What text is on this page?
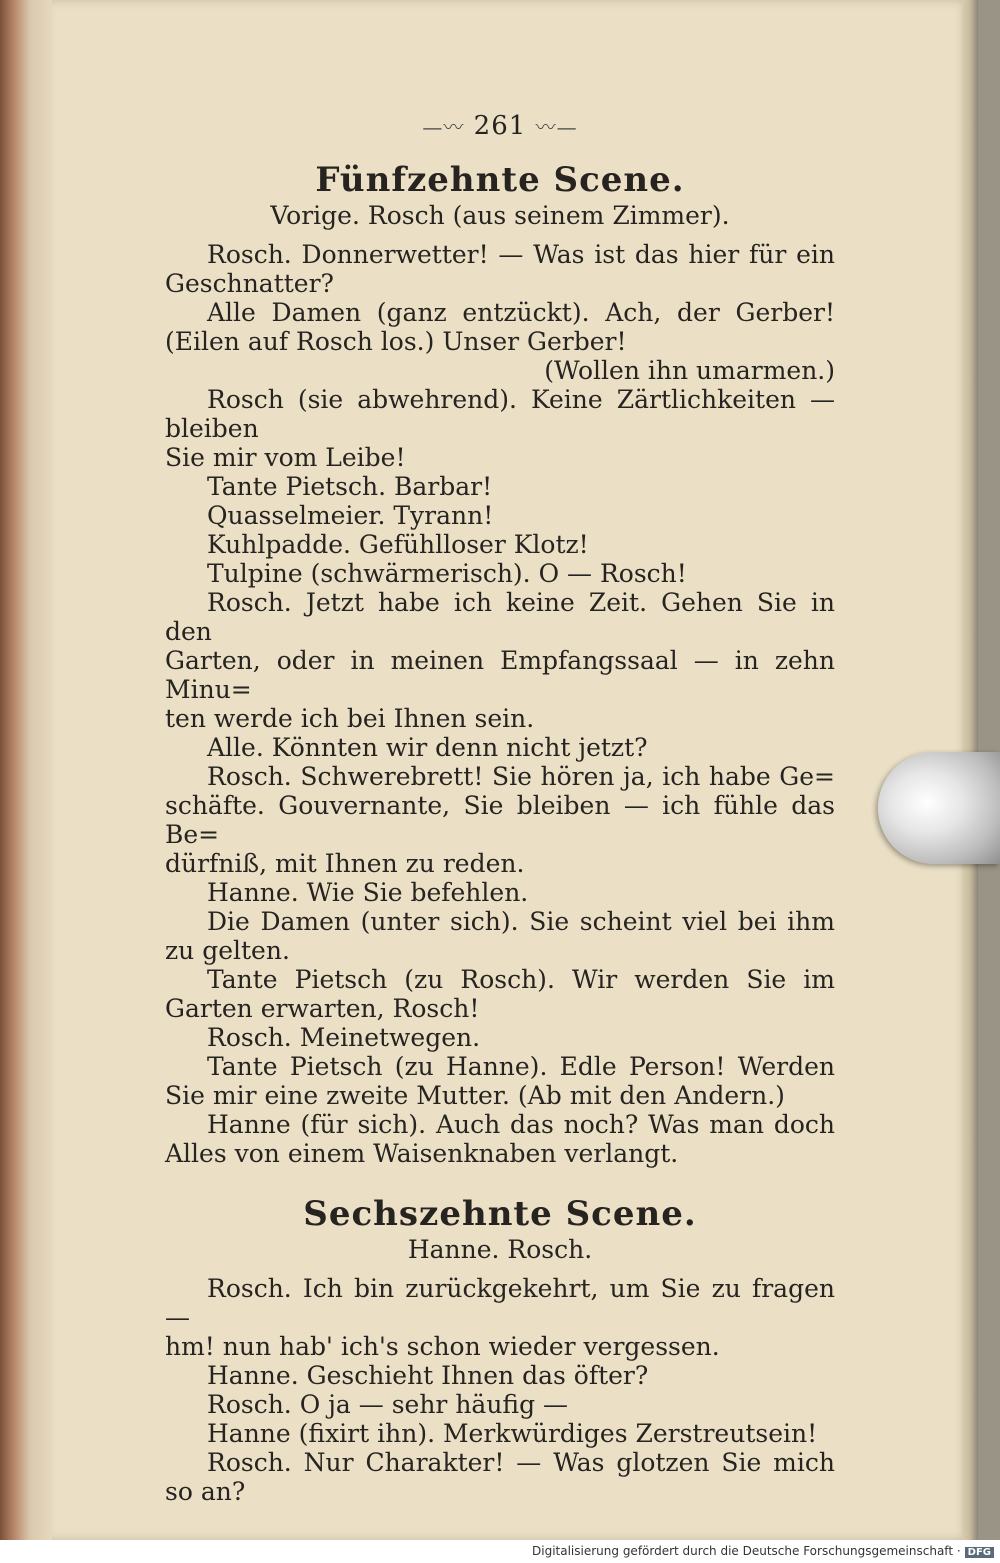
—〰 261 〰—
Fünfzehnte Scene.
Vorige. Rosch (aus seinem Zimmer).
Rosch. Donnerwetter! — Was ist das hier für ein
Geschnatter?
Alle Damen (ganz entzückt). Ach, der Gerber!
(Eilen auf Rosch los.) Unser Gerber!
(Wollen ihn umarmen.)
Rosch (sie abwehrend). Keine Zärtlichkeiten — bleiben
Sie mir vom Leibe!
Tante Pietsch. Barbar!
Quasselmeier. Tyrann!
Kuhlpadde. Gefühlloser Klotz!
Tulpine (schwärmerisch). O — Rosch!
Rosch. Jetzt habe ich keine Zeit. Gehen Sie in den
Garten, oder in meinen Empfangssaal — in zehn Minu=
ten werde ich bei Ihnen sein.
Alle. Könnten wir denn nicht jetzt?
Rosch. Schwerebrett! Sie hören ja, ich habe Ge=
schäfte. Gouvernante, Sie bleiben — ich fühle das Be=
dürfniß, mit Ihnen zu reden.
Hanne. Wie Sie befehlen.
Die Damen (unter sich). Sie scheint viel bei ihm
zu gelten.
Tante Pietsch (zu Rosch). Wir werden Sie im
Garten erwarten, Rosch!
Rosch. Meinetwegen.
Tante Pietsch (zu Hanne). Edle Person! Werden
Sie mir eine zweite Mutter. (Ab mit den Andern.)
Hanne (für sich). Auch das noch? Was man doch
Alles von einem Waisenknaben verlangt.
Sechszehnte Scene.
Hanne. Rosch.
Rosch. Ich bin zurückgekehrt, um Sie zu fragen —
hm! nun hab' ich's schon wieder vergessen.
Hanne. Geschieht Ihnen das öfter?
Rosch. O ja — sehr häufig —
Hanne (fixirt ihn). Merkwürdiges Zerstreutsein!
Rosch. Nur Charakter! — Was glotzen Sie mich
so an?
Digitalisierung gefördert durch die Deutsche Forschungsgemeinschaft · DFG
